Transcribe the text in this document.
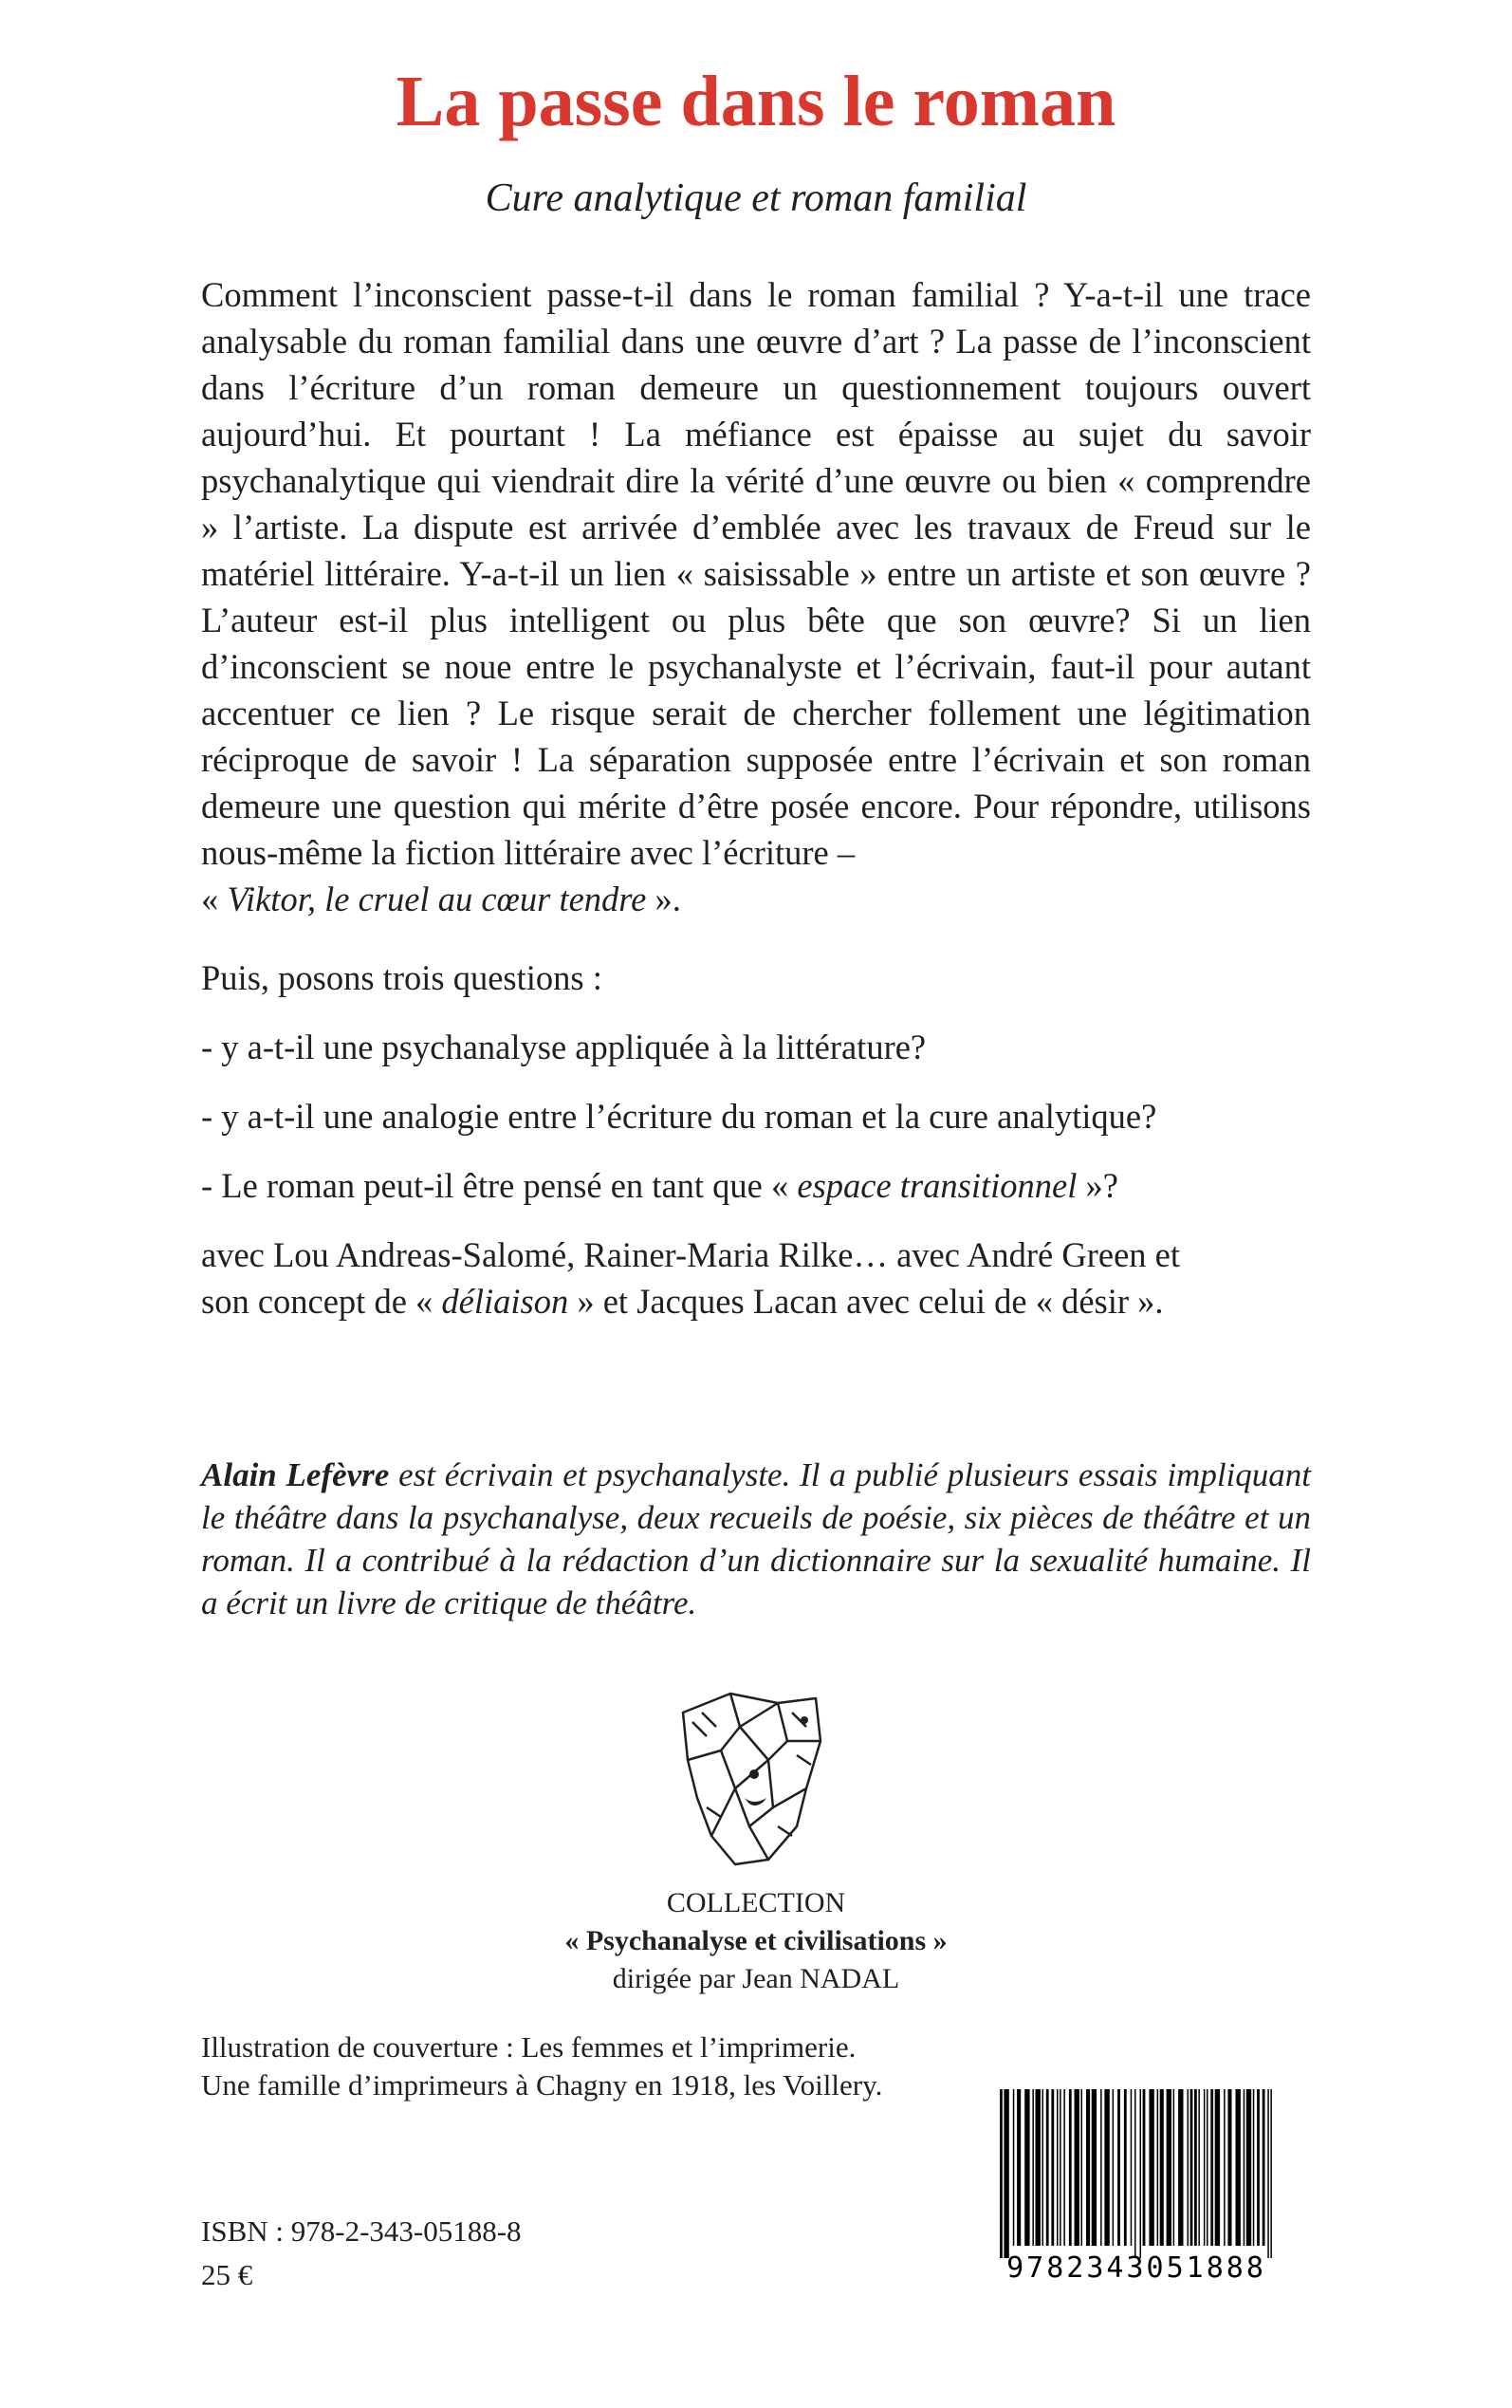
La passe dans le roman

Cure analytique et roman familial

Comment l’inconscient passe-t-il dans le roman familial ? Y-a-t-il une trace analysable du roman familial dans une œuvre d’art ? La passe de l’inconscient dans l’écriture d’un roman demeure un questionnement toujours ouvert aujourd’hui. Et pourtant ! La méfiance est épaisse au sujet du savoir psychanalytique qui viendrait dire la vérité d’une œuvre ou bien « comprendre » l’artiste. La dispute est arrivée d’emblée avec les travaux de Freud sur le matériel littéraire. Y-a-t-il un lien « saisissable » entre un artiste et son œuvre ? L’auteur est-il plus intelligent ou plus bête que son œuvre? Si un lien d’inconscient se noue entre le psychanalyste et l’écrivain, faut-il pour autant accentuer ce lien ? Le risque serait de chercher follement une légitimation réciproque de savoir ! La séparation supposée entre l’écrivain et son roman demeure une question qui mérite d’être posée encore. Pour répondre, utilisons nous-même la fiction littéraire avec l’écriture –
« Viktor, le cruel au cœur tendre ».

Puis, posons trois questions :

- y a-t-il une psychanalyse appliquée à la littérature?

- y a-t-il une analogie entre l’écriture du roman et la cure analytique?

- Le roman peut-il être pensé en tant que « espace transitionnel »?

avec Lou Andreas-Salomé, Rainer-Maria Rilke… avec André Green et

son concept de « déliaison » et Jacques Lacan avec celui de « désir ».

Alain Lefèvre est écrivain et psychanalyste. Il a publié plusieurs essais impliquant le théâtre dans la psychanalyse, deux recueils de poésie, six pièces de théâtre et un roman. Il a contribué à la rédaction d’un dictionnaire sur la sexualité humaine. Il a écrit un livre de critique de théâtre.

COLLECTION

« Psychanalyse et civilisations »

dirigée par Jean NADAL

Illustration de couverture : Les femmes et l’imprimerie.

Une famille d’imprimeurs à Chagny en 1918, les Voillery.

ISBN : 978-2-343-05188-8

25 €	9782343051888
